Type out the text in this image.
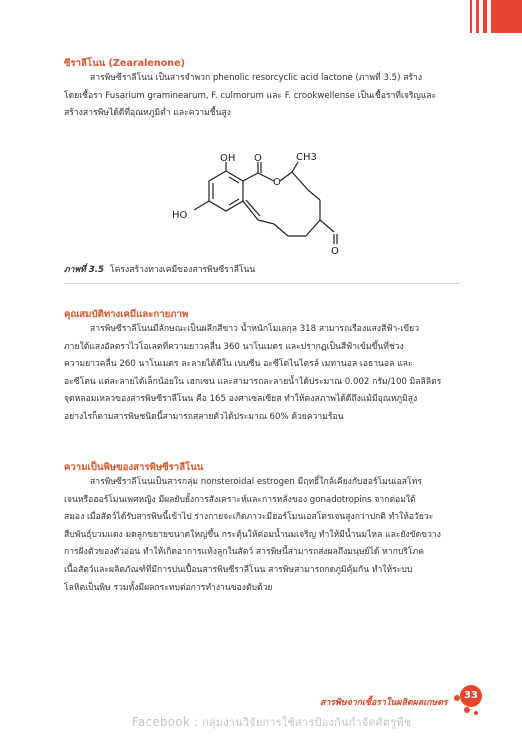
ซีราลีโนน (Zearalenone)

สารพิษซีราลีโนน เป็นสารจำพวก phenolic resorcyclic acid lactone (ภาพที่ 3.5) สร้าง

โดยเชื้อรา Fusarium graminearum, F. culmorum และ F. crookwellense เป็นเชื้อราที่เจริญและ

สร้างสารพิษได้ดีที่อุณหภูมิต่ำ และความชื้นสูง

OH O
O
CH3
HO
O
ภาพที่ 3.5 โครงสร้างทางเคมีของสารพิษซีราลีโนน
คุณสมบัติทางเคมีและกายภาพ

สารพิษซีราลีโนนมีลักษณะเป็นผลึกสีขาว น้ำหนักโมเลกุล 318 สามารถเรืองแสงสีฟ้า-เขียว

ภายใต้แสงอัลตราไวโอเลตที่ความยาวคลื่น 360 นาโนเมตร และปรากฏเป็นสีฟ้าเข้มขึ้นที่ช่วง

ความยาวคลื่น 260 นาโนเมตร ละลายได้ดีใน เบนซีน อะซีโตไนไตรล์ เมทานอล เอธานอล และ

อะซีโตน แต่ละลายได้เล็กน้อยใน เฮกเซน และสามารถละลายน้ำได้ประมาณ 0.002 กรัม/100 มิลลิลิตร

จุดหลอมเหลวของสารพิษซีราลีโนน คือ 165 องศาเซลเซียส ทำให้คงสภาพได้ดีถึงแม้มีอุณหภูมิสูง

อย่างไรก็ตามสารพิษชนิดนี้สามารถสลายตัวได้ประมาณ 60% ด้วยความร้อน

ความเป็นพิษของสารพิษซีราลีโนน

สารพิษซีราลีโนนเป็นสารกลุ่ม nonsteroidal estrogen มีฤทธิ์ใกล้เคียงกับฮอร์โมนเอสโทร

เจนหรือฮอร์โมนเพศหญิง มีผลยับยั้งการสังเคราะห์และการหลั่งของ gonadotropins จากต่อมใต้

สมอง เมื่อสัตว์ได้รับสารพิษนี้เข้าไป ร่างกายจะเกิดภาวะมีฮอร์โมนเอสโตรเจนสูงกว่าปกติ ทำให้อวัยวะ

สืบพันธุ์บวมแดง มดลูกขยายขนาดใหญ่ขึ้น กระตุ้นให้ต่อมน้ำนมเจริญ ทำให้มีน้ำนมไหล และยังขัดขวาง

การฝังตัวของตัวอ่อน ทำให้เกิดอาการแท้งลูกในสัตว์ สารพิษนี้สามารถส่งผลถึงมนุษย์ได้ หากบริโภค

เนื้อสัตว์และผลิตภัณฑ์ที่มีการปนเปื้อนสารพิษซีราลีโนน สารพิษสามารถกดภูมิคุ้มกัน ทำให้ระบบ

โลหิตเป็นพิษ รวมทั้งมีผลกระทบต่อการทำงานของตับด้วย

สารพิษจากเชื้อราในผลิตผลเกษตร
33
Facebook : กลุ่มงานวิจัยการใช้สารป้องกันกำจัดศัตรูพืช
